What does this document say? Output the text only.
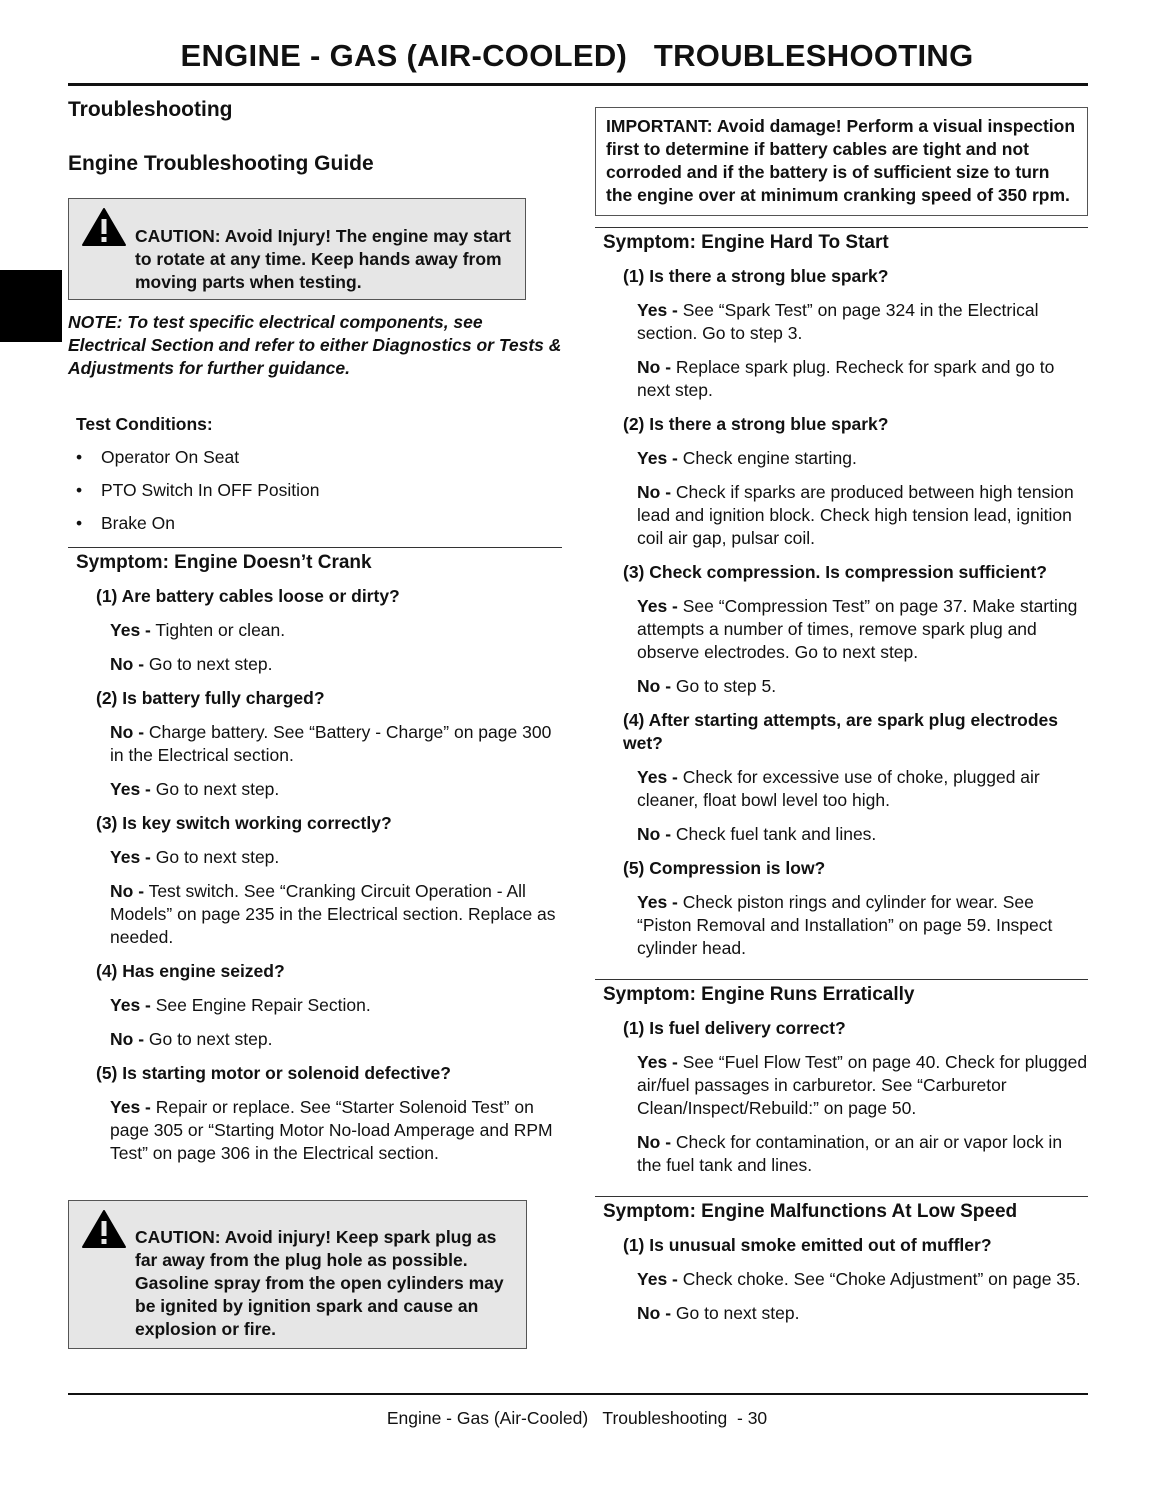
ENGINE - GAS (AIR-COOLED)   TROUBLESHOOTING
Troubleshooting
Engine Troubleshooting Guide
CAUTION: Avoid Injury! The engine may start to rotate at any time. Keep hands away from moving parts when testing.
NOTE: To test specific electrical components, see Electrical Section and refer to either Diagnostics or Tests & Adjustments for further guidance.
Test Conditions:
• Operator On Seat
• PTO Switch In OFF Position
• Brake On
Symptom: Engine Doesn’t Crank
(1) Are battery cables loose or dirty?
Yes - Tighten or clean.
No - Go to next step.
(2) Is battery fully charged?
No - Charge battery. See “Battery - Charge” on page 300 in the Electrical section.
Yes - Go to next step.
(3) Is key switch working correctly?
Yes - Go to next step.
No - Test switch. See “Cranking Circuit Operation - All Models” on page 235 in the Electrical section. Replace as needed.
(4) Has engine seized?
Yes - See Engine Repair Section.
No - Go to next step.
(5) Is starting motor or solenoid defective?
Yes - Repair or replace. See “Starter Solenoid Test” on page 305 or “Starting Motor No-load Amperage and RPM Test” on page 306 in the Electrical section.
CAUTION: Avoid injury! Keep spark plug as far away from the plug hole as possible. Gasoline spray from the open cylinders may be ignited by ignition spark and cause an explosion or fire.
IMPORTANT: Avoid damage! Perform a visual inspection first to determine if battery cables are tight and not corroded and if the battery is of sufficient size to turn the engine over at minimum cranking speed of 350 rpm.
Symptom: Engine Hard To Start
(1) Is there a strong blue spark?
Yes - See “Spark Test” on page 324 in the Electrical section. Go to step 3.
No - Replace spark plug. Recheck for spark and go to next step.
(2) Is there a strong blue spark?
Yes - Check engine starting.
No - Check if sparks are produced between high tension lead and ignition block. Check high tension lead, ignition coil air gap, pulsar coil.
(3) Check compression. Is compression sufficient?
Yes - See “Compression Test” on page 37. Make starting attempts a number of times, remove spark plug and observe electrodes. Go to next step.
No - Go to step 5.
(4) After starting attempts, are spark plug electrodes wet?
Yes - Check for excessive use of choke, plugged air cleaner, float bowl level too high.
No - Check fuel tank and lines.
(5) Compression is low?
Yes - Check piston rings and cylinder for wear. See “Piston Removal and Installation” on page 59. Inspect cylinder head.
Symptom: Engine Runs Erratically
(1) Is fuel delivery correct?
Yes - See “Fuel Flow Test” on page 40. Check for plugged air/fuel passages in carburetor. See “Carburetor Clean/Inspect/Rebuild:” on page 50.
No - Check for contamination, or an air or vapor lock in the fuel tank and lines.
Symptom: Engine Malfunctions At Low Speed
(1) Is unusual smoke emitted out of muffler?
Yes - Check choke. See “Choke Adjustment” on page 35.
No - Go to next step.
Engine - Gas (Air-Cooled)   Troubleshooting  - 30
